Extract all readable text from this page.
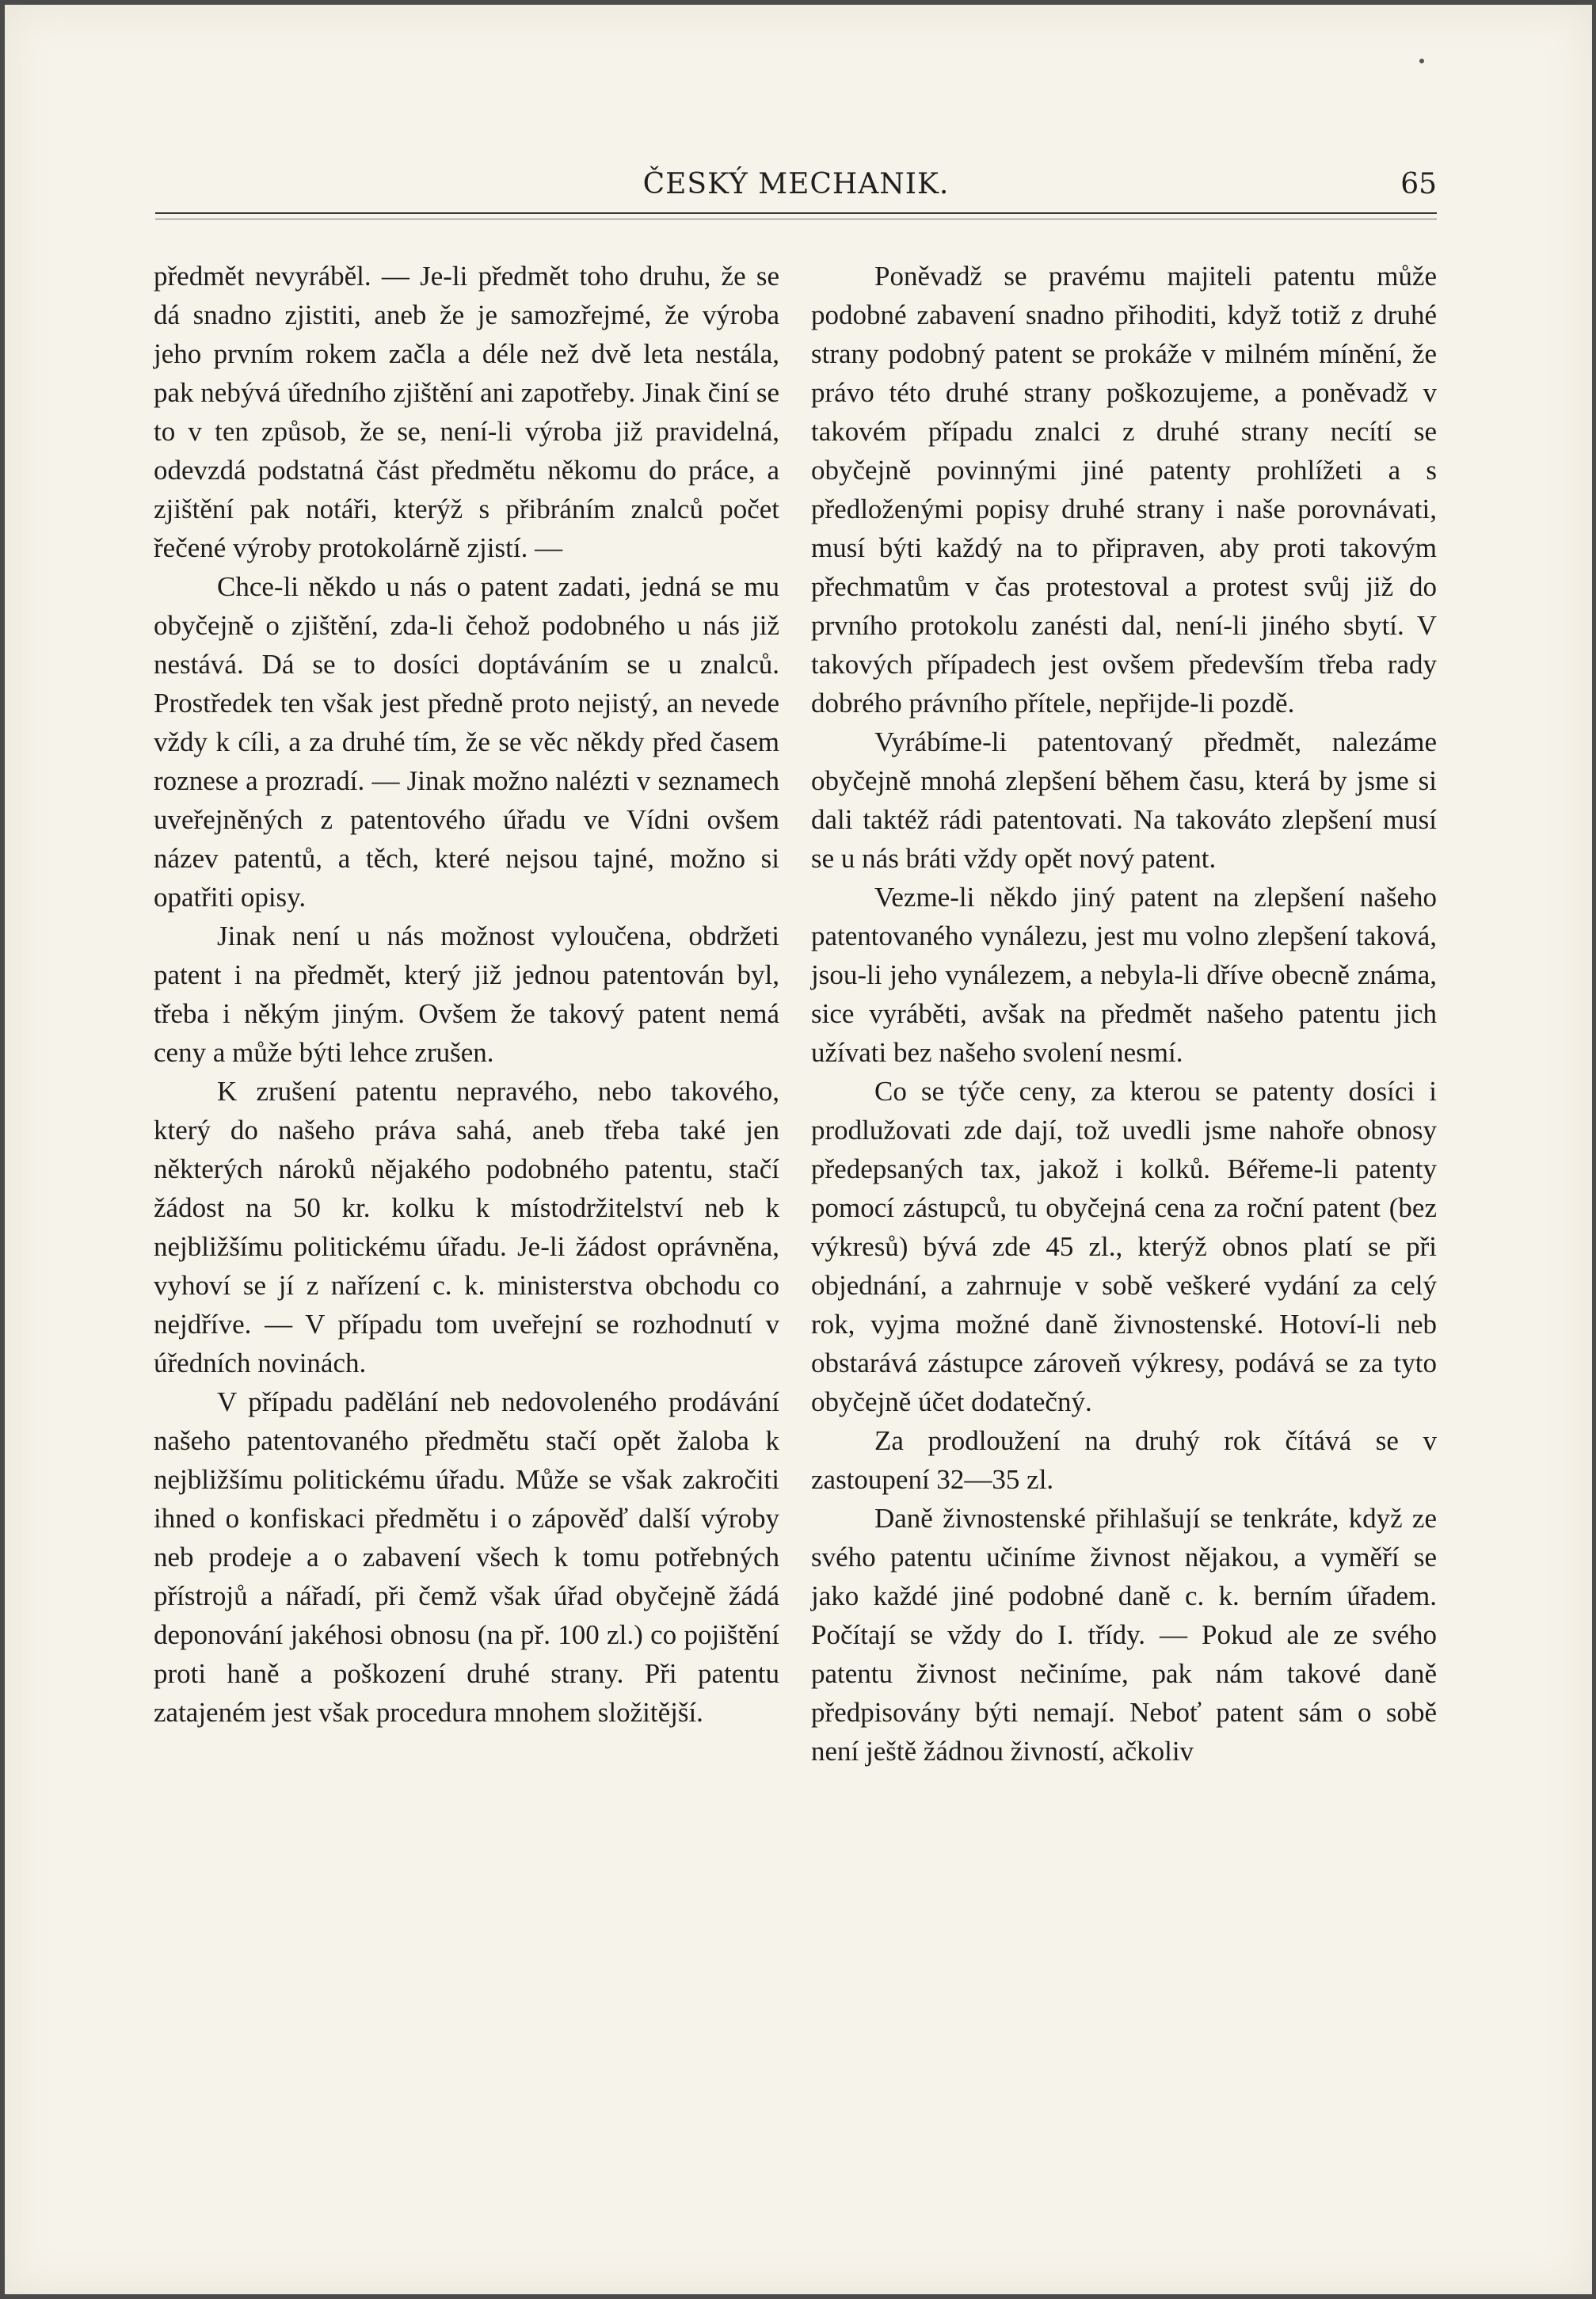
ČESKÝ MECHANIK.	65

předmět nevyráběl. — Je-li předmět toho druhu, že se dá snadno zjistiti, aneb že je samozřejmé, že výroba jeho prvním rokem začla a déle než dvě leta nestála, pak nebývá úředního zjištění ani zapotřeby. Jinak činí se to v ten způsob, že se, není-li výroba již pravidelná, odevzdá podstatná část předmětu někomu do práce, a zjištění pak notáři, kterýž s přibráním znalců počet řečené výroby protokolárně zjistí. —

Chce-li někdo u nás o patent zadati, jedná se mu obyčejně o zjištění, zda-li čehož podobného u nás již nestává. Dá se to dosíci doptáváním se u znalců. Prostředek ten však jest předně proto nejistý, an nevede vždy k cíli, a za druhé tím, že se věc někdy před časem roznese a prozradí. — Jinak možno nalézti v seznamech uveřejněných z patentového úřadu ve Vídni ovšem název patentů, a těch, které nejsou tajné, možno si opatřiti opisy.

Jinak není u nás možnost vyloučena, obdržeti patent i na předmět, který již jednou patentován byl, třeba i někým jiným. Ovšem že takový patent nemá ceny a může býti lehce zrušen.

K zrušení patentu nepravého, nebo takového, který do našeho práva sahá, aneb třeba také jen některých nároků nějakého podobného patentu, stačí žádost na 50 kr. kolku k místodržitelství neb k nejbližšímu politickému úřadu. Je-li žádost oprávněna, vyhoví se jí z nařízení c. k. ministerstva obchodu co nejdříve. — V případu tom uveřejní se rozhodnutí v úředních novinách.

V případu padělání neb nedovoleného prodávání našeho patentovaného předmětu stačí opět žaloba k nejbližšímu politickému úřadu. Může se však zakročiti ihned o konfiskaci předmětu i o zápověď další výroby neb prodeje a o zabavení všech k tomu potřebných přístrojů a nářadí, při čemž však úřad obyčejně žádá deponování jakéhosi obnosu (na př. 100 zl.) co pojištění proti haně a poškození druhé strany. Při patentu zatajeném jest však procedura mnohem složitější.

Poněvadž se pravému majiteli patentu může podobné zabavení snadno přihoditi, když totiž z druhé strany podobný patent se prokáže v milném mínění, že právo této druhé strany poškozujeme, a poněvadž v takovém případu znalci z druhé strany necítí se obyčejně povinnými jiné patenty prohlížeti a s předloženými popisy druhé strany i naše porovnávati, musí býti každý na to připraven, aby proti takovým přechmatům v čas protestoval a protest svůj již do prvního protokolu zanésti dal, není-li jiného sbytí. V takových případech jest ovšem především třeba rady dobrého právního přítele, nepřijde-li pozdě.

Vyrábíme-li patentovaný předmět, nalezáme obyčejně mnohá zlepšení během času, která by jsme si dali taktéž rádi patentovati. Na takováto zlepšení musí se u nás bráti vždy opět nový patent.

Vezme-li někdo jiný patent na zlepšení našeho patentovaného vynálezu, jest mu volno zlepšení taková, jsou-li jeho vynálezem, a nebyla-li dříve obecně známa, sice vyráběti, avšak na předmět našeho patentu jich užívati bez našeho svolení nesmí.

Co se týče ceny, za kterou se patenty dosíci i prodlužovati zde dají, tož uvedli jsme nahoře obnosy předepsaných tax, jakož i kolků. Béřeme-li patenty pomocí zástupců, tu obyčejná cena za roční patent (bez výkresů) bývá zde 45 zl., kterýž obnos platí se při objednání, a zahrnuje v sobě veškeré vydání za celý rok, vyjma možné daně živnostenské. Hotoví-li neb obstarává zástupce zároveň výkresy, podává se za tyto obyčejně účet dodatečný.

Za prodloužení na druhý rok čítává se v zastoupení 32—35 zl.

Daně živnostenské přihlašují se tenkráte, když ze svého patentu učiníme živnost nějakou, a vyměří se jako každé jiné podobné daně c. k. berním úřadem. Počítají se vždy do I. třídy. — Pokud ale ze svého patentu živnost nečiníme, pak nám takové daně předpisovány býti nemají. Neboť patent sám o sobě není ještě žádnou živností, ačkoliv
